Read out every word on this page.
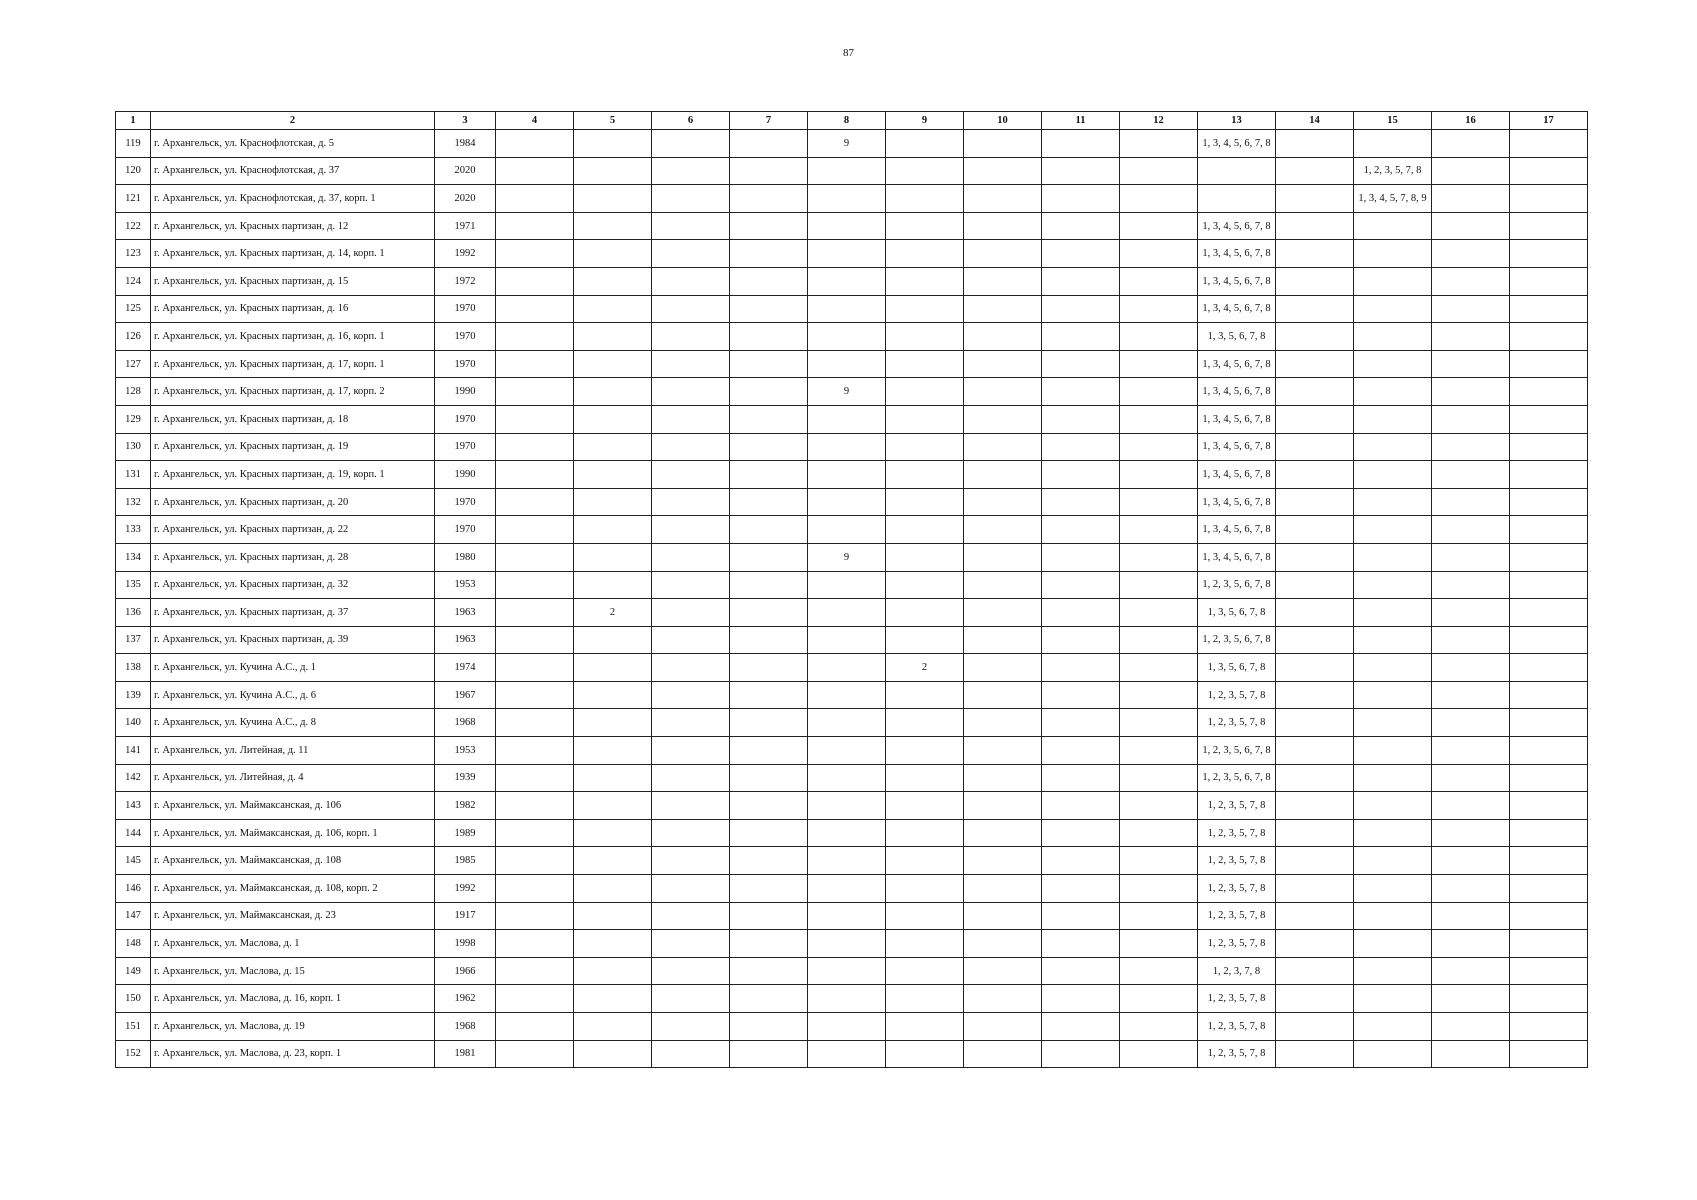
87
1	2	3	4	5	6	7	8	9	10	11	12	13	14	15	16	17
119	г. Архангельск, ул. Краснофлотская, д. 5	1984					9					1, 3, 4, 5, 6, 7, 8				
120	г. Архангельск, ул. Краснофлотская, д. 37	2020												1, 2, 3, 5, 7, 8		
121	г. Архангельск, ул. Краснофлотская, д. 37, корп. 1	2020												1, 3, 4, 5, 7, 8, 9		
122	г. Архангельск, ул. Красных партизан, д. 12	1971										1, 3, 4, 5, 6, 7, 8				
123	г. Архангельск, ул. Красных партизан, д. 14, корп. 1	1992										1, 3, 4, 5, 6, 7, 8				
124	г. Архангельск, ул. Красных партизан, д. 15	1972										1, 3, 4, 5, 6, 7, 8				
125	г. Архангельск, ул. Красных партизан, д. 16	1970										1, 3, 4, 5, 6, 7, 8				
126	г. Архангельск, ул. Красных партизан, д. 16, корп. 1	1970										1, 3, 5, 6, 7, 8				
127	г. Архангельск, ул. Красных партизан, д. 17, корп. 1	1970										1, 3, 4, 5, 6, 7, 8				
128	г. Архангельск, ул. Красных партизан, д. 17, корп. 2	1990					9					1, 3, 4, 5, 6, 7, 8				
129	г. Архангельск, ул. Красных партизан, д. 18	1970										1, 3, 4, 5, 6, 7, 8				
130	г. Архангельск, ул. Красных партизан, д. 19	1970										1, 3, 4, 5, 6, 7, 8				
131	г. Архангельск, ул. Красных партизан, д. 19, корп. 1	1990										1, 3, 4, 5, 6, 7, 8				
132	г. Архангельск, ул. Красных партизан, д. 20	1970										1, 3, 4, 5, 6, 7, 8				
133	г. Архангельск, ул. Красных партизан, д. 22	1970										1, 3, 4, 5, 6, 7, 8				
134	г. Архангельск, ул. Красных партизан, д. 28	1980					9					1, 3, 4, 5, 6, 7, 8				
135	г. Архангельск, ул. Красных партизан, д. 32	1953										1, 2, 3, 5, 6, 7, 8				
136	г. Архангельск, ул. Красных партизан, д. 37	1963		2								1, 3, 5, 6, 7, 8				
137	г. Архангельск, ул. Красных партизан, д. 39	1963										1, 2, 3, 5, 6, 7, 8				
138	г. Архангельск, ул. Кучина А.С., д. 1	1974						2				1, 3, 5, 6, 7, 8				
139	г. Архангельск, ул. Кучина А.С., д. 6	1967										1, 2, 3, 5, 7, 8				
140	г. Архангельск, ул. Кучина А.С., д. 8	1968										1, 2, 3, 5, 7, 8				
141	г. Архангельск, ул. Литейная, д. 11	1953										1, 2, 3, 5, 6, 7, 8				
142	г. Архангельск, ул. Литейная, д. 4	1939										1, 2, 3, 5, 6, 7, 8				
143	г. Архангельск, ул. Маймаксанская, д. 106	1982										1, 2, 3, 5, 7, 8				
144	г. Архангельск, ул. Маймаксанская, д. 106, корп. 1	1989										1, 2, 3, 5, 7, 8				
145	г. Архангельск, ул. Маймаксанская, д. 108	1985										1, 2, 3, 5, 7, 8				
146	г. Архангельск, ул. Маймаксанская, д. 108, корп. 2	1992										1, 2, 3, 5, 7, 8				
147	г. Архангельск, ул. Маймаксанская, д. 23	1917										1, 2, 3, 5, 7, 8				
148	г. Архангельск, ул. Маслова, д. 1	1998										1, 2, 3, 5, 7, 8				
149	г. Архангельск, ул. Маслова, д. 15	1966										1, 2, 3, 7, 8				
150	г. Архангельск, ул. Маслова, д. 16, корп. 1	1962										1, 2, 3, 5, 7, 8				
151	г. Архангельск, ул. Маслова, д. 19	1968										1, 2, 3, 5, 7, 8				
152	г. Архангельск, ул. Маслова, д. 23, корп. 1	1981										1, 2, 3, 5, 7, 8				
